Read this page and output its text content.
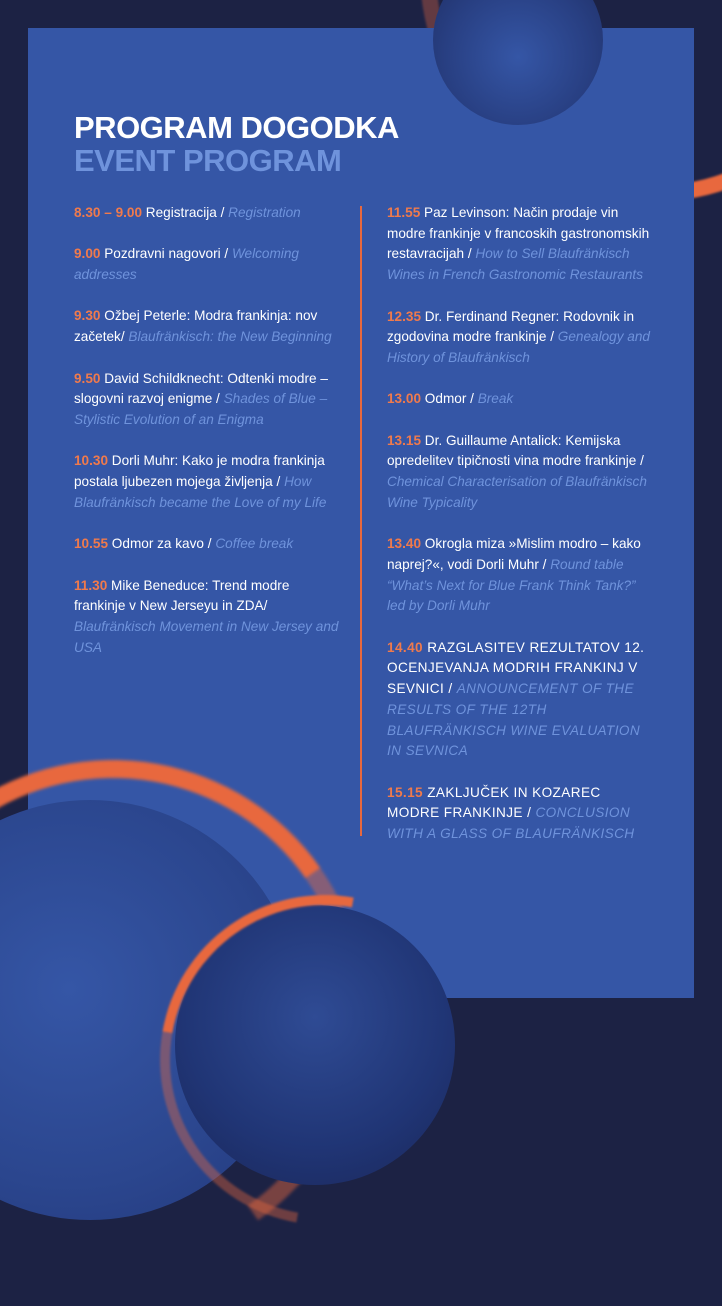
PROGRAM DOGODKA
EVENT PROGRAM
8.30 – 9.00 Registracija / Registration
9.00 Pozdravni nagovori / Welcoming addresses
9.30 Ožbej Peterle: Modra frankinja: nov začetek/ Blaufränkisch: the New Beginning
9.50 David Schildknecht: Odtenki modre – slogovni razvoj enigme / Shades of Blue – Stylistic Evolution of an Enigma
10.30 Dorli Muhr: Kako je modra frankinja postala ljubezen mojega življenja / How Blaufränkisch became the Love of my Life
10.55 Odmor za kavo / Coffee break
11.30 Mike Beneduce: Trend modre frankinje v New Jerseyu in ZDA/ Blaufränkisch Movement in New Jersey and USA
11.55 Paz Levinson: Način prodaje vin modre frankinje v francoskih gastronomskih restavracijah / How to Sell Blaufränkisch Wines in French Gastronomic Restaurants
12.35 Dr. Ferdinand Regner: Rodovnik in zgodovina modre frankinje / Genealogy and History of Blaufränkisch
13.00 Odmor / Break
13.15 Dr. Guillaume Antalick: Kemijska opredelitev tipičnosti vina modre frankinje / Chemical Characterisation of Blaufränkisch Wine Typicality
13.40 Okrogla miza »Mislim modro – kako naprej?«, vodi Dorli Muhr / Round table “What’s Next for Blue Frank Think Tank?” led by Dorli Muhr
14.40 RAZGLASITEV REZULTATOV 12. OCENJEVANJA MODRIH FRANKINJ V SEVNICI / ANNOUNCEMENT OF THE RESULTS OF THE 12TH BLAUFRÄNKISCH WINE EVALUATION IN SEVNICA
15.15 ZAKLJUČEK IN KOZAREC MODRE FRANKINJE / CONCLUSION WITH A GLASS OF BLAUFRÄNKISCH
